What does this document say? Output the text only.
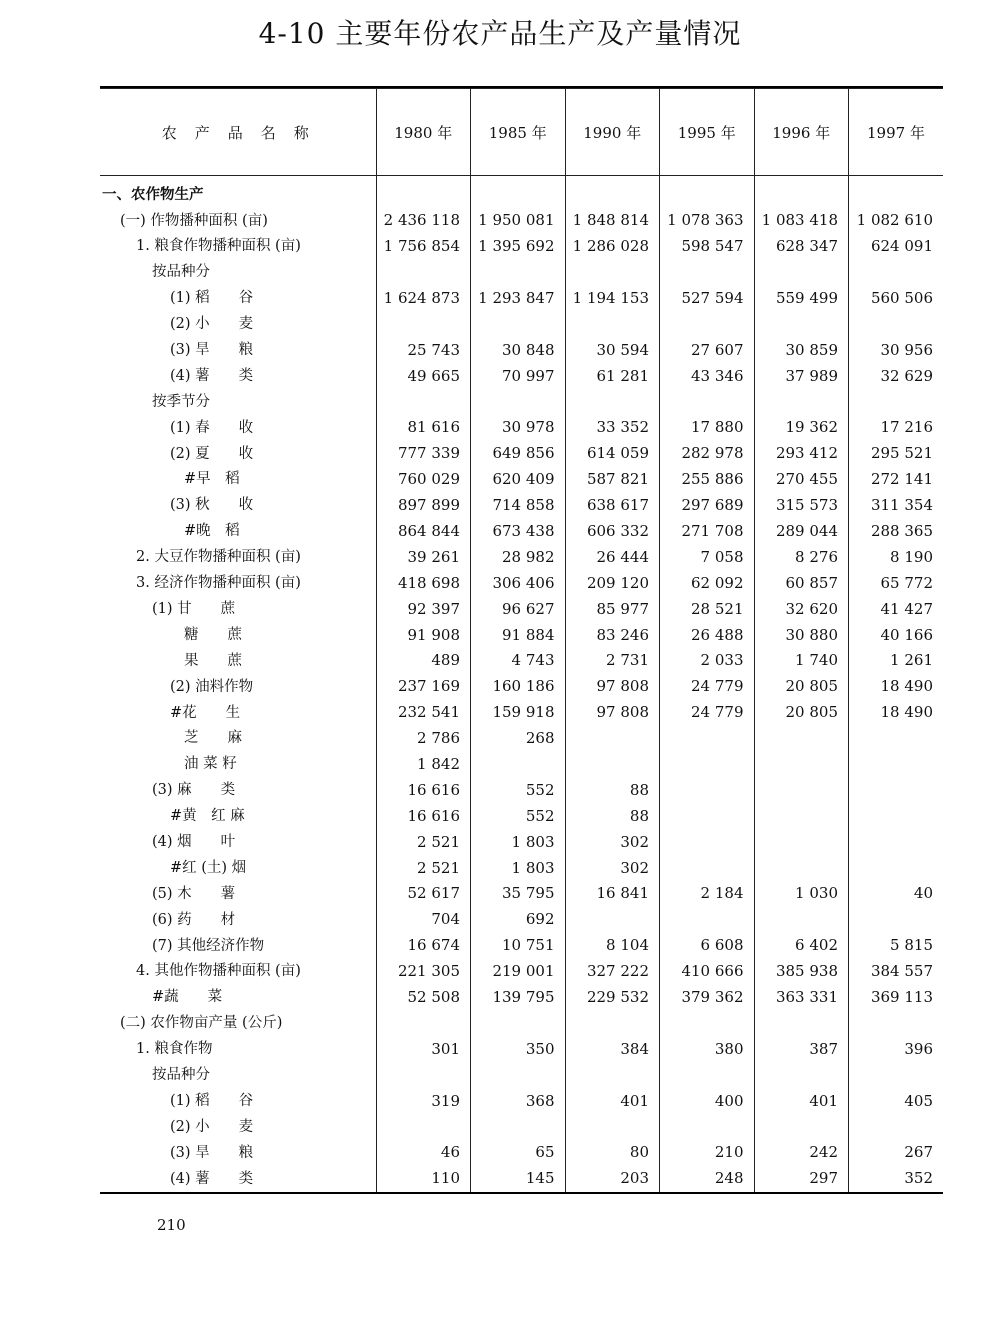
4-10 主要年份农产品生产及产量情况

农产品名称	1980 年	1985 年	1990 年	1995 年	1996 年	1997 年
一、农作物生产						
(一) 作物播种面积 (亩)	2 436 118	1 950 081	1 848 814	1 078 363	1 083 418	1 082 610
1. 粮食作物播种面积 (亩)	1 756 854	1 395 692	1 286 028	598 547	628 347	624 091
按品种分						
(1) 稻　　谷	1 624 873	1 293 847	1 194 153	527 594	559 499	560 506
(2) 小　　麦						
(3) 旱　　粮	25 743	30 848	30 594	27 607	30 859	30 956
(4) 薯　　类	49 665	70 997	61 281	43 346	37 989	32 629
按季节分						
(1) 春　　收	81 616	30 978	33 352	17 880	19 362	17 216
(2) 夏　　收	777 339	649 856	614 059	282 978	293 412	295 521
#早　稻	760 029	620 409	587 821	255 886	270 455	272 141
(3) 秋　　收	897 899	714 858	638 617	297 689	315 573	311 354
#晚　稻	864 844	673 438	606 332	271 708	289 044	288 365
2. 大豆作物播种面积 (亩)	39 261	28 982	26 444	7 058	8 276	8 190
3. 经济作物播种面积 (亩)	418 698	306 406	209 120	62 092	60 857	65 772
(1) 甘　　蔗	92 397	96 627	85 977	28 521	32 620	41 427
糖　　蔗	91 908	91 884	83 246	26 488	30 880	40 166
果　　蔗	489	4 743	2 731	2 033	1 740	1 261
(2) 油料作物	237 169	160 186	97 808	24 779	20 805	18 490
#花　　生	232 541	159 918	97 808	24 779	20 805	18 490
芝　　麻	2 786	268				
油 菜 籽	1 842					
(3) 麻　　类	16 616	552	88			
#黄　红 麻	16 616	552	88			
(4) 烟　　叶	2 521	1 803	302			
#红 (土) 烟	2 521	1 803	302			
(5) 木　　薯	52 617	35 795	16 841	2 184	1 030	40
(6) 药　　材	704	692				
(7) 其他经济作物	16 674	10 751	8 104	6 608	6 402	5 815
4. 其他作物播种面积 (亩)	221 305	219 001	327 222	410 666	385 938	384 557
#蔬　　菜	52 508	139 795	229 532	379 362	363 331	369 113
(二) 农作物亩产量 (公斤)						
1. 粮食作物	301	350	384	380	387	396
按品种分						
(1) 稻　　谷	319	368	401	400	401	405
(2) 小　　麦						
(3) 旱　　粮	46	65	80	210	242	267
(4) 薯　　类	110	145	203	248	297	352
210
